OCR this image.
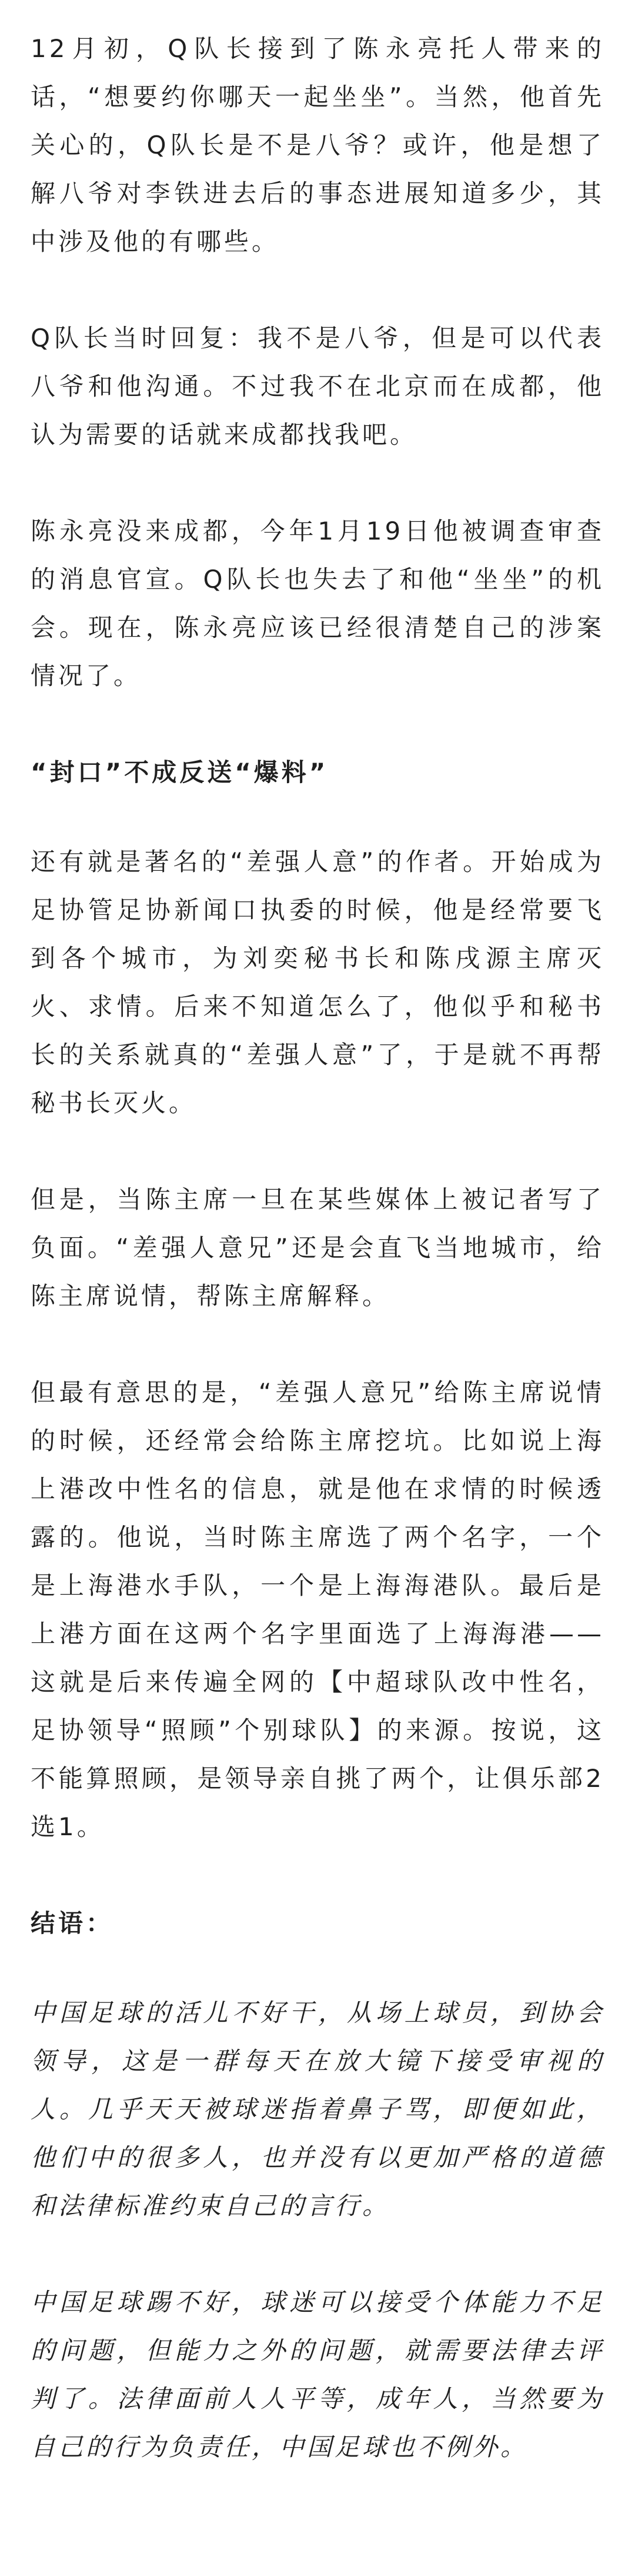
12月初，Q队长接到了陈永亮托人带来的话，“想要约你哪天一起坐坐”。当然，他首先关心的，Q队长是不是八爷？或许，他是想了解八爷对李铁进去后的事态进展知道多少，其中涉及他的有哪些。

Q队长当时回复：我不是八爷，但是可以代表八爷和他沟通。不过我不在北京而在成都，他认为需要的话就来成都找我吧。

陈永亮没来成都，今年1月19日他被调查审查的消息官宣。Q队长也失去了和他“坐坐”的机会。现在，陈永亮应该已经很清楚自己的涉案情况了。

“封口”不成反送“爆料”

还有就是著名的“差强人意”的作者。开始成为足协管足协新闻口执委的时候，他是经常要飞到各个城市，为刘奕秘书长和陈戌源主席灭火、求情。后来不知道怎么了，他似乎和秘书长的关系就真的“差强人意”了，于是就不再帮秘书长灭火。

但是，当陈主席一旦在某些媒体上被记者写了负面。“差强人意兄”还是会直飞当地城市，给陈主席说情，帮陈主席解释。

但最有意思的是，“差强人意兄”给陈主席说情的时候，还经常会给陈主席挖坑。比如说上海上港改中性名的信息，就是他在求情的时候透露的。他说，当时陈主席选了两个名字，一个是上海港水手队，一个是上海海港队。最后是上港方面在这两个名字里面选了上海海港——这就是后来传遍全网的【中超球队改中性名，足协领导“照顾”个别球队】的来源。按说，这不能算照顾，是领导亲自挑了两个，让俱乐部2选1。

结语：

中国足球的活儿不好干，从场上球员，到协会领导，这是一群每天在放大镜下接受审视的人。几乎天天被球迷指着鼻子骂，即便如此，他们中的很多人，也并没有以更加严格的道德和法律标准约束自己的言行。

中国足球踢不好，球迷可以接受个体能力不足的问题，但能力之外的问题，就需要法律去评判了。法律面前人人平等，成年人，当然要为自己的行为负责任，中国足球也不例外。
